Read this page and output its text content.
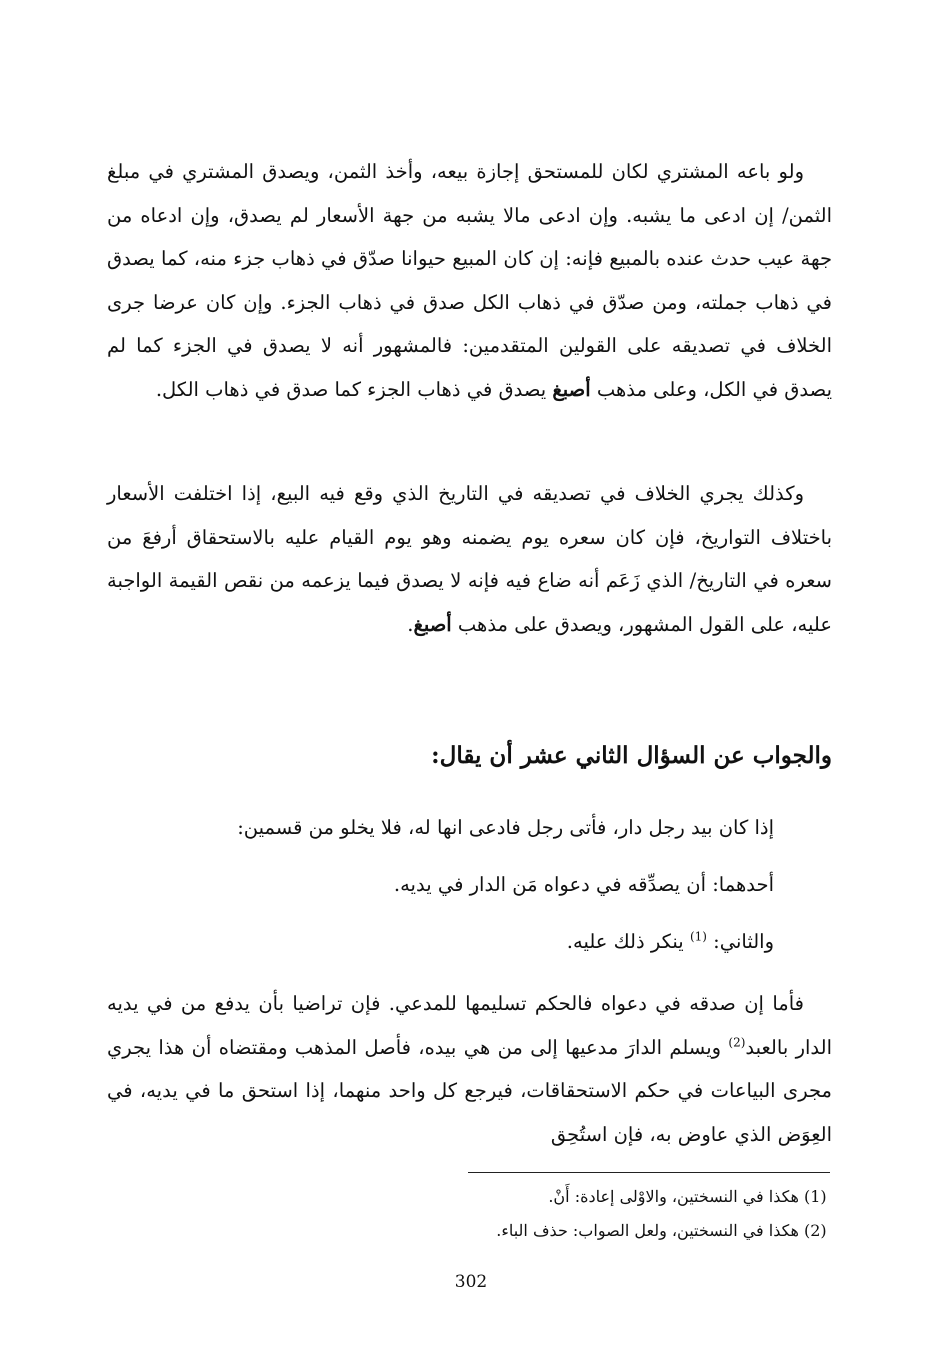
ولو باعه المشتري لكان للمستحق إجازة بيعه، وأخذ الثمن، ويصدق المشتري في مبلغ الثمن/ إن ادعى ما يشبه. وإن ادعى مالا يشبه من جهة الأسعار لم يصدق، وإن ادعاه من جهة عيب حدث عنده بالمبيع فإنه: إن كان المبيع حيوانا صدّق في ذهاب جزء منه، كما يصدق في ذهاب جملته، ومن صدّق في ذهاب الكل صدق في ذهاب الجزء. وإن كان عرضا جرى الخلاف في تصديقه على القولين المتقدمين: فالمشهور أنه لا يصدق في الجزء كما لم يصدق في الكل، وعلى مذهب أصبغ يصدق في ذهاب الجزء كما صدق في ذهاب الكل.
وكذلك يجري الخلاف في تصديقه في التاريخ الذي وقع فيه البيع، إذا اختلفت الأسعار باختلاف التواريخ، فإن كان سعره يوم يضمنه وهو يوم القيام عليه بالاستحقاق أرفعَ من سعره في التاريخ/ الذي زَعَم أنه ضاع فيه فإنه لا يصدق فيما يزعمه من نقص القيمة الواجبة عليه، على القول المشهور، ويصدق على مذهب أصبغ.
والجواب عن السؤال الثاني عشر أن يقال:
إذا كان بيد رجل دار، فأتى رجل فادعى انها له، فلا يخلو من قسمين:
أحدهما: أن يصدِّقه في دعواه مَن الدار في يديه.
والثاني: $^{(1)}$ ينكر ذلك عليه.
فأما إن صدقه في دعواه فالحكم تسليمها للمدعي. فإن تراضيا بأن يدفع من في يديه الدار بالعبد$^{(2)}$ ويسلم الدارَ مدعيها إلى من هي بيده، فأصل المذهب ومقتضاه أن هذا يجري مجرى البياعات في حكم الاستحقاقات، فيرجع كل واحد منهما، إذا استحق ما في يديه، في العِوَض الذي عاوض به، فإن استُحِق
(1) هكذا في النسختين، والاوْلى إعادة: أَنْ.
(2) هكذا في النسختين، ولعل الصواب: حذف الباء.
302
